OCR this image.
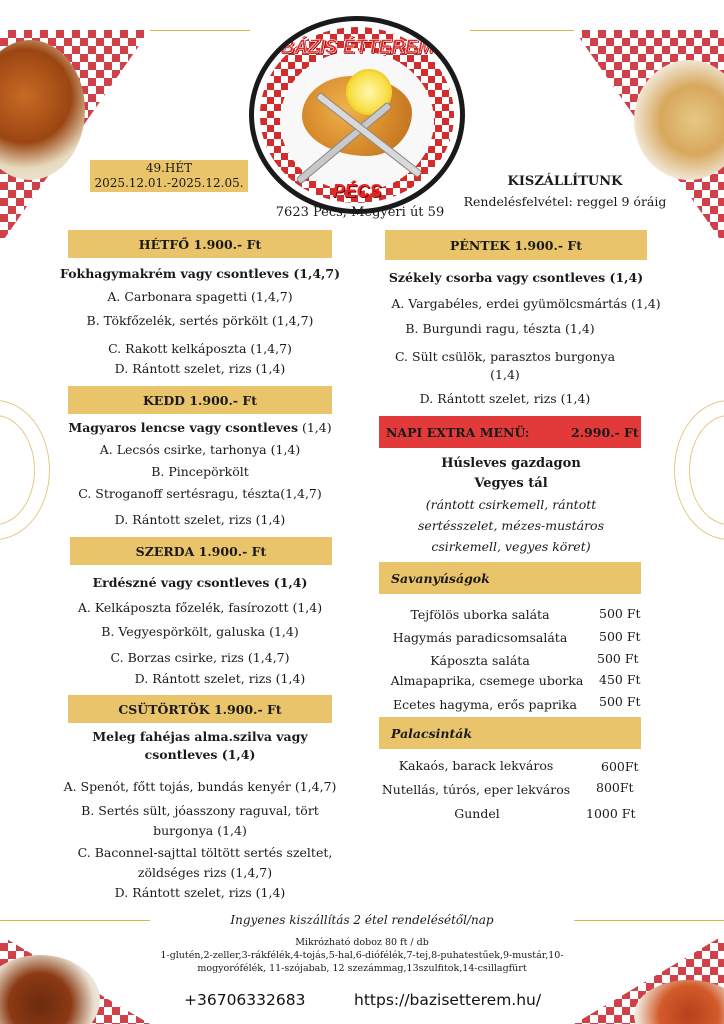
BÁZIS ÉTTEREM
PÉCS
49.HÉT
2025.12.01.-2025.12.05.
7623 Pécs, Megyeri út 59
KISZÁLLÍTUNK
Rendelésfelvétel: reggel 9 óráig
HÉTFŐ 1.900.- Ft
Fokhagymakrém vagy csontleves (1,4,7)
A. Carbonara spagetti (1,4,7)
B. Tökfőzelék, sertés pörkölt (1,4,7)
C. Rakott kelkáposzta (1,4,7)
D. Rántott szelet, rizs (1,4)
KEDD 1.900.- Ft
Magyaros lencse vagy csontleves (1,4)
A. Lecsós csirke, tarhonya (1,4)
B. Pincepörkölt
C. Stroganoff sertésragu, tészta(1,4,7)
D. Rántott szelet, rizs (1,4)
SZERDA 1.900.- Ft
Erdészné vagy csontleves (1,4)
A. Kelkáposzta főzelék, fasírozott (1,4)
B. Vegyespörkölt, galuska (1,4)
C. Borzas csirke, rizs (1,4,7)
D. Rántott szelet, rizs (1,4)
CSÜTÖRTÖK 1.900.- Ft
Meleg fahéjas alma.szilva vagy csontleves (1,4)
A. Spenót, főtt tojás, bundás kenyér (1,4,7)
B. Sertés sült, jóasszony raguval, tört burgonya (1,4)
C. Baconnel-sajttal töltött sertés szeltet, zöldséges rizs (1,4,7)
D. Rántott szelet, rizs (1,4)
PÉNTEK 1.900.- Ft
Székely csorba vagy csontleves (1,4)
A. Vargabéles, erdei gyümölcsmártás (1,4)
B. Burgundi ragu, tészta (1,4)
C. Sült csülök, parasztos burgonya (1,4)
D. Rántott szelet, rizs (1,4)
NAPI EXTRA MENÜ:	2.990.- Ft
Húsleves gazdagon
Vegyes tál
(rántott csirkemell, rántott sertésszelet, mézes-mustáros csirkemell, vegyes köret)
Savanyúságok
Tejfölös uborka saláta	500 Ft
Hagymás paradicsomsaláta	500 Ft
Káposzta saláta	500 Ft
Almapaprika, csemege uborka	450 Ft
Ecetes hagyma, erős paprika	500 Ft
Palacsinták
Kakaós, barack lekváros	600Ft
Nutellás, túrós, eper lekváros	800Ft
Gundel	1000 Ft
Ingyenes kiszállítás 2 étel rendelésétől/nap
Mikrózható doboz 80 ft / db
1-glutén,2-zeller,3-rákfélék,4-tojás,5-hal,6-diófélék,7-tej,8-puhatestűek,9-mustár,10-mogyorófélék, 11-szójabab, 12 szezámmag,13szulfitok,14-csillagfürt
+36706332683	https://bazisetterem.hu/
